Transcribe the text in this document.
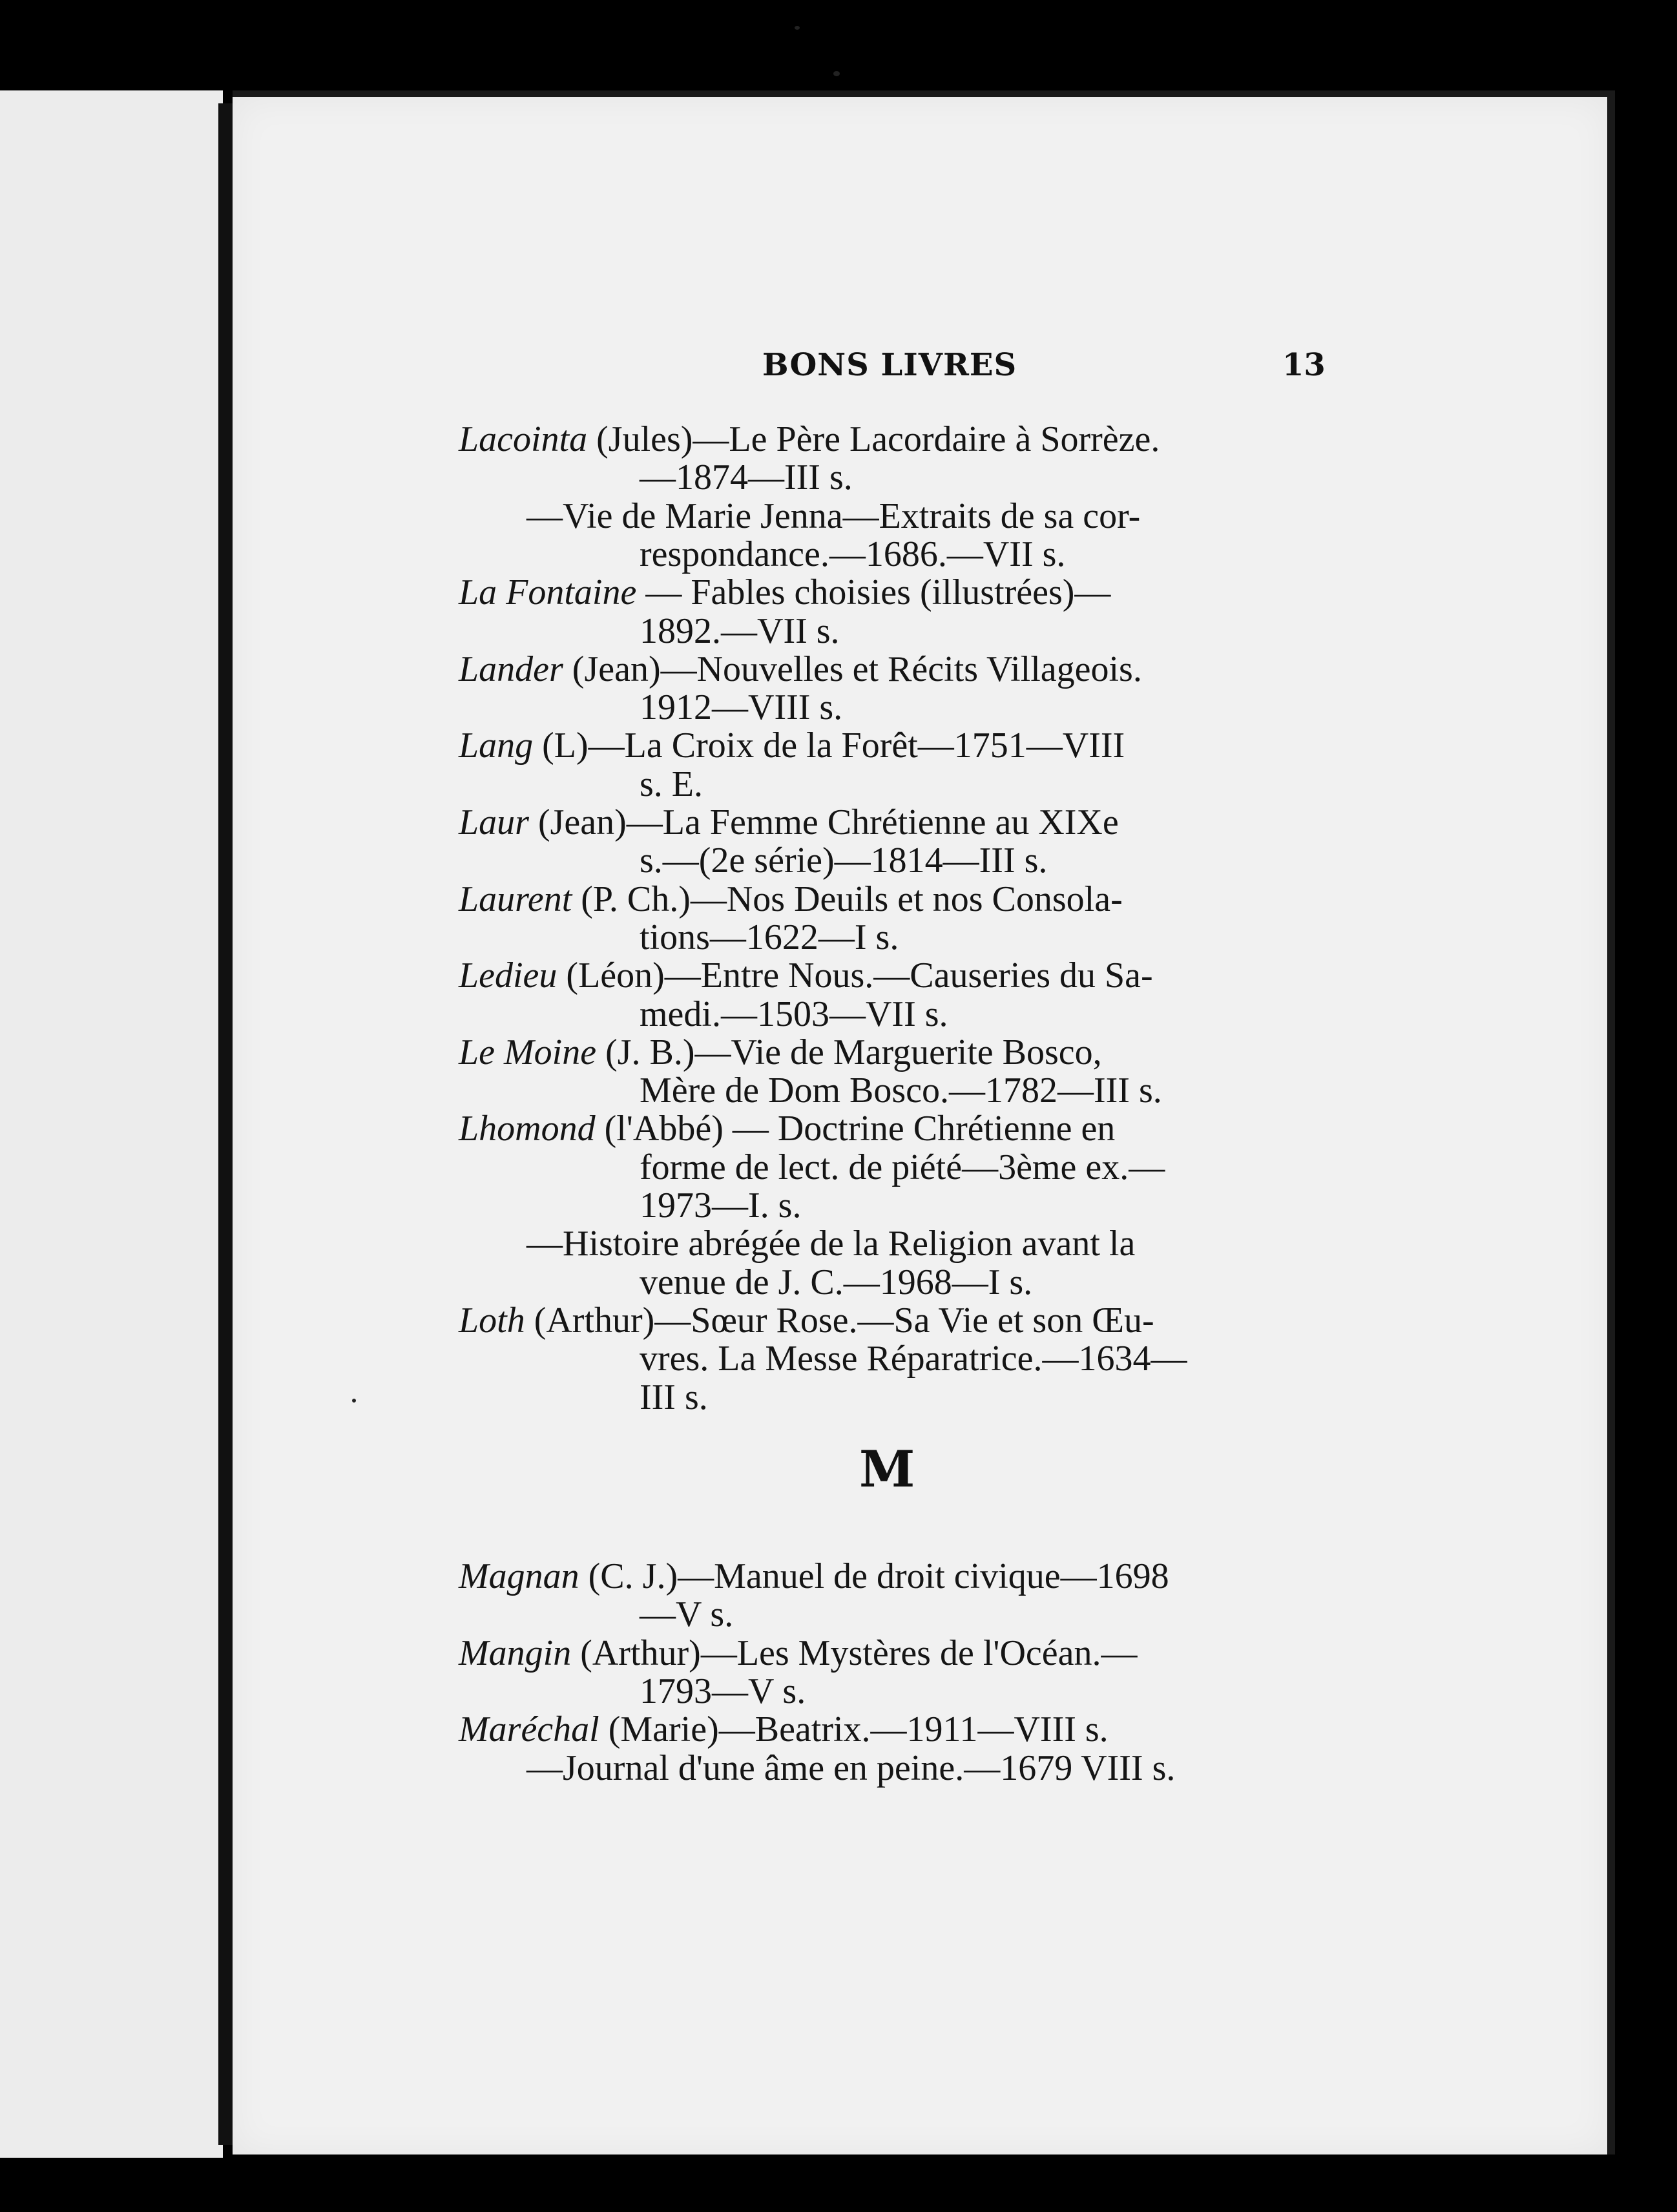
BONS LIVRES	13
Lacointa (Jules)—Le Père Lacordaire à Sorrèze.
—1874—III s.
—Vie de Marie Jenna—Extraits de sa cor-
respondance.—1686.—VII s.
La Fontaine — Fables choisies (illustrées)—
1892.—VII s.
Lander (Jean)—Nouvelles et Récits Villageois.
1912—VIII s.
Lang (L)—La Croix de la Forêt—1751—VIII
s. E.
Laur (Jean)—La Femme Chrétienne au XIXe
s.—(2e série)—1814—III s.
Laurent (P. Ch.)—Nos Deuils et nos Consola-
tions—1622—I s.
Ledieu (Léon)—Entre Nous.—Causeries du Sa-
medi.—1503—VII s.
Le Moine (J. B.)—Vie de Marguerite Bosco,
Mère de Dom Bosco.—1782—III s.
Lhomond (l'Abbé) — Doctrine Chrétienne en
forme de lect. de piété—3ème ex.—
1973—I. s.
—Histoire abrégée de la Religion avant la
venue de J. C.—1968—I s.
Loth (Arthur)—Sœur Rose.—Sa Vie et son Œu-
vres. La Messe Réparatrice.—1634—
III s.
M
Magnan (C. J.)—Manuel de droit civique—1698
—V s.
Mangin (Arthur)—Les Mystères de l'Océan.—
1793—V s.
Maréchal (Marie)—Beatrix.—1911—VIII s.
—Journal d'une âme en peine.—1679 VIII s.
